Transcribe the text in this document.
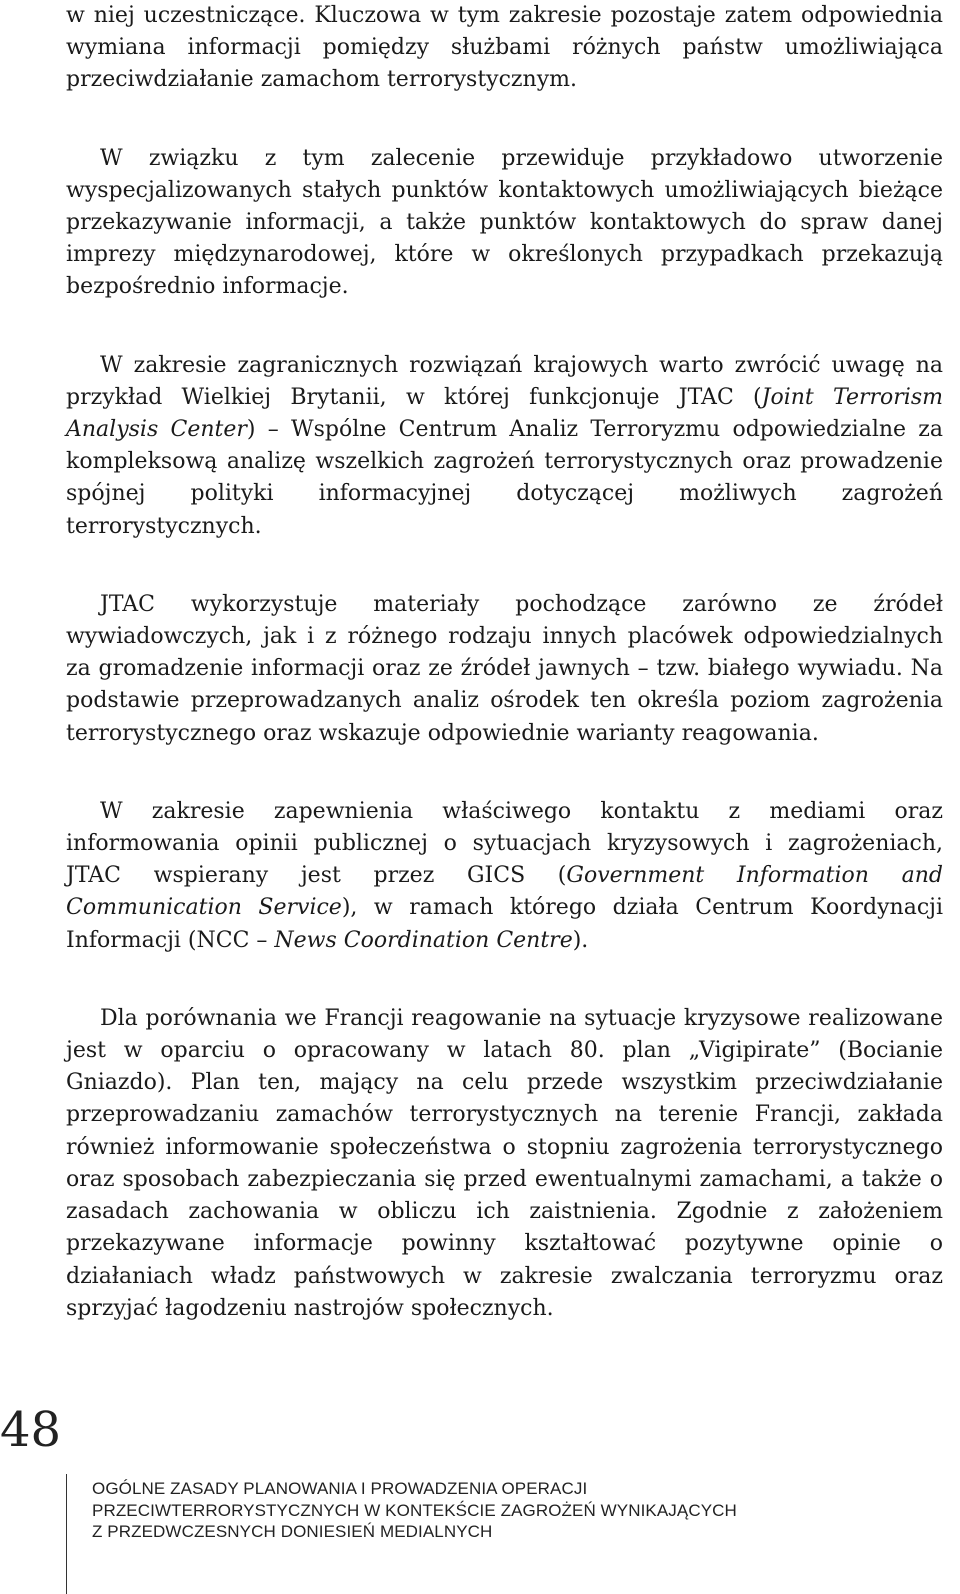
w niej uczestniczące. Kluczowa w tym zakresie pozostaje zatem odpowiednia wymiana informacji pomiędzy służbami różnych państw umożliwiająca przeciwdziałanie zamachom terrorystycznym.

W związku z tym zalecenie przewiduje przykładowo utworzenie wyspecjalizowanych stałych punktów kontaktowych umożliwiających bieżące przekazywanie informacji, a także punktów kontaktowych do spraw danej imprezy międzynarodowej, które w określonych przypadkach przekazują bezpośrednio informacje.

W zakresie zagranicznych rozwiązań krajowych warto zwrócić uwagę na przykład Wielkiej Brytanii, w której funkcjonuje JTAC (Joint Terrorism Analysis Center) – Wspólne Centrum Analiz Terroryzmu odpowiedzialne za kompleksową analizę wszelkich zagrożeń terrorystycznych oraz prowadzenie spójnej polityki informacyjnej dotyczącej możliwych zagrożeń terrorystycznych.

JTAC wykorzystuje materiały pochodzące zarówno ze źródeł wywiadowczych, jak i z różnego rodzaju innych placówek odpowiedzialnych za gromadzenie informacji oraz ze źródeł jawnych – tzw. białego wywiadu. Na podstawie przeprowadzanych analiz ośrodek ten określa poziom zagrożenia terrorystycznego oraz wskazuje odpowiednie warianty reagowania.

W zakresie zapewnienia właściwego kontaktu z mediami oraz informowania opinii publicznej o sytuacjach kryzysowych i zagrożeniach, JTAC wspierany jest przez GICS (Government Information and Communication Service), w ramach którego działa Centrum Koordynacji Informacji (NCC – News Coordination Centre).

Dla porównania we Francji reagowanie na sytuacje kryzysowe realizowane jest w oparciu o opracowany w latach 80. plan „Vigipirate” (Bocianie Gniazdo). Plan ten, mający na celu przede wszystkim przeciwdziałanie przeprowadzaniu zamachów terrorystycznych na terenie Francji, zakłada również informowanie społeczeństwa o stopniu zagrożenia terrorystycznego oraz sposobach zabezpieczania się przed ewentualnymi zamachami, a także o zasadach zachowania w obliczu ich zaistnienia. Zgodnie z założeniem przekazywane informacje powinny kształtować pozytywne opinie o działaniach władz państwowych w zakresie zwalczania terroryzmu oraz sprzyjać łagodzeniu nastrojów społecznych.

48
OGÓLNE ZASADY PLANOWANIA I PROWADZENIA OPERACJI
PRZECIWTERRORYSTYCZNYCH W KONTEKŚCIE ZAGROŻEŃ WYNIKAJĄCYCH
Z PRZEDWCZESNYCH DONIESIEŃ MEDIALNYCH
